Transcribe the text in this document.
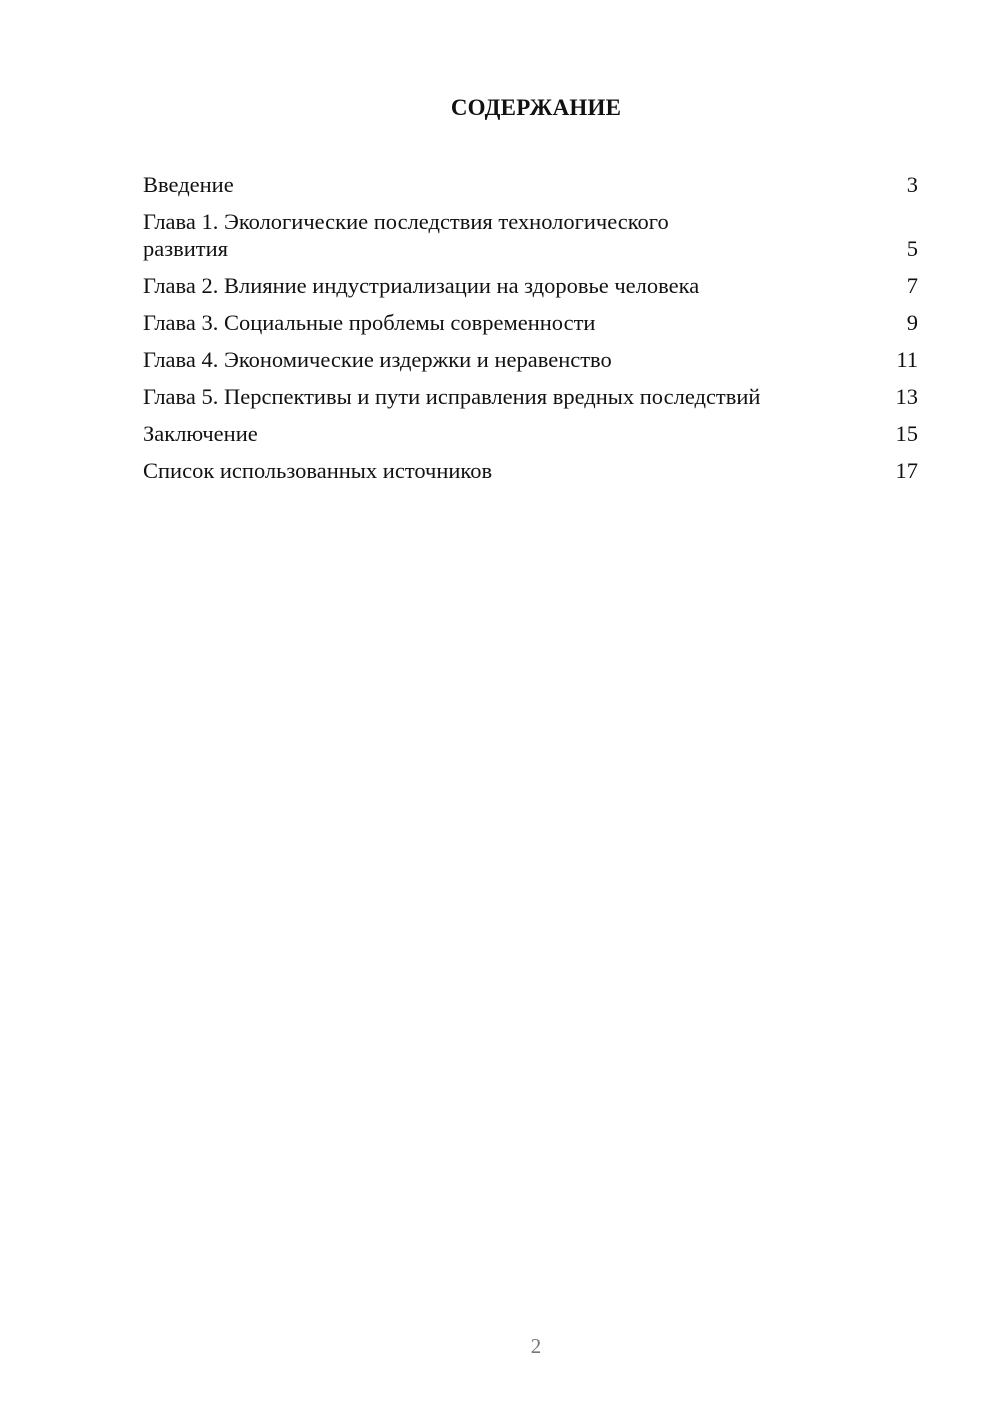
СОДЕРЖАНИЕ
Введение	3
Глава 1. Экологические последствия технологического развития	5
Глава 2. Влияние индустриализации на здоровье человека	7
Глава 3. Социальные проблемы современности	9
Глава 4. Экономические издержки и неравенство	11
Глава 5. Перспективы и пути исправления вредных последствий	13
Заключение	15
Список использованных источников	17
2
